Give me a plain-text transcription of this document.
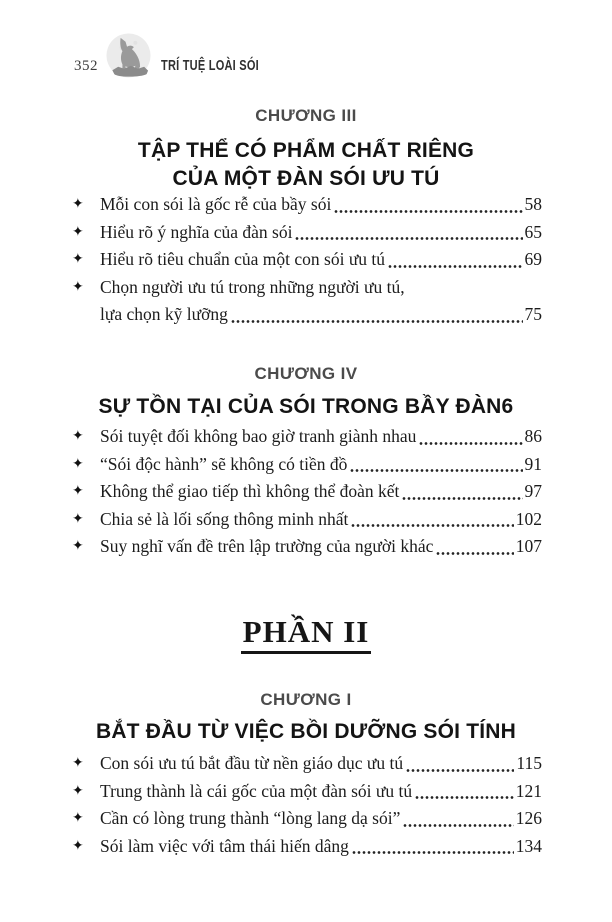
352	TRÍ TUỆ LOÀI SÓI
CHƯƠNG III
TẬP THỂ CÓ PHẨM CHẤT RIÊNG
CỦA MỘT ĐÀN SÓI ƯU TÚ
✦ Mỗi con sói là gốc rễ của bầy sói	58
✦ Hiểu rõ ý nghĩa của đàn sói	65
✦ Hiểu rõ tiêu chuẩn của một con sói ưu tú	69
✦ Chọn người ưu tú trong những người ưu tú,
lựa chọn kỹ lưỡng	75
CHƯƠNG IV
SỰ TỒN TẠI CỦA SÓI TRONG BẦY ĐÀN6
✦ Sói tuyệt đối không bao giờ tranh giành nhau	86
✦ “Sói độc hành” sẽ không có tiền đồ	91
✦ Không thể giao tiếp thì không thể đoàn kết	97
✦ Chia sẻ là lối sống thông minh nhất	102
✦ Suy nghĩ vấn đề trên lập trường của người khác	107
PHẦN II
CHƯƠNG I
BẮT ĐẦU TỪ VIỆC BỒI DƯỠNG SÓI TÍNH
✦ Con sói ưu tú bắt đầu từ nền giáo dục ưu tú	115
✦ Trung thành là cái gốc của một đàn sói ưu tú	121
✦ Cần có lòng trung thành “lòng lang dạ sói”	126
✦ Sói làm việc với tâm thái hiến dâng	134
